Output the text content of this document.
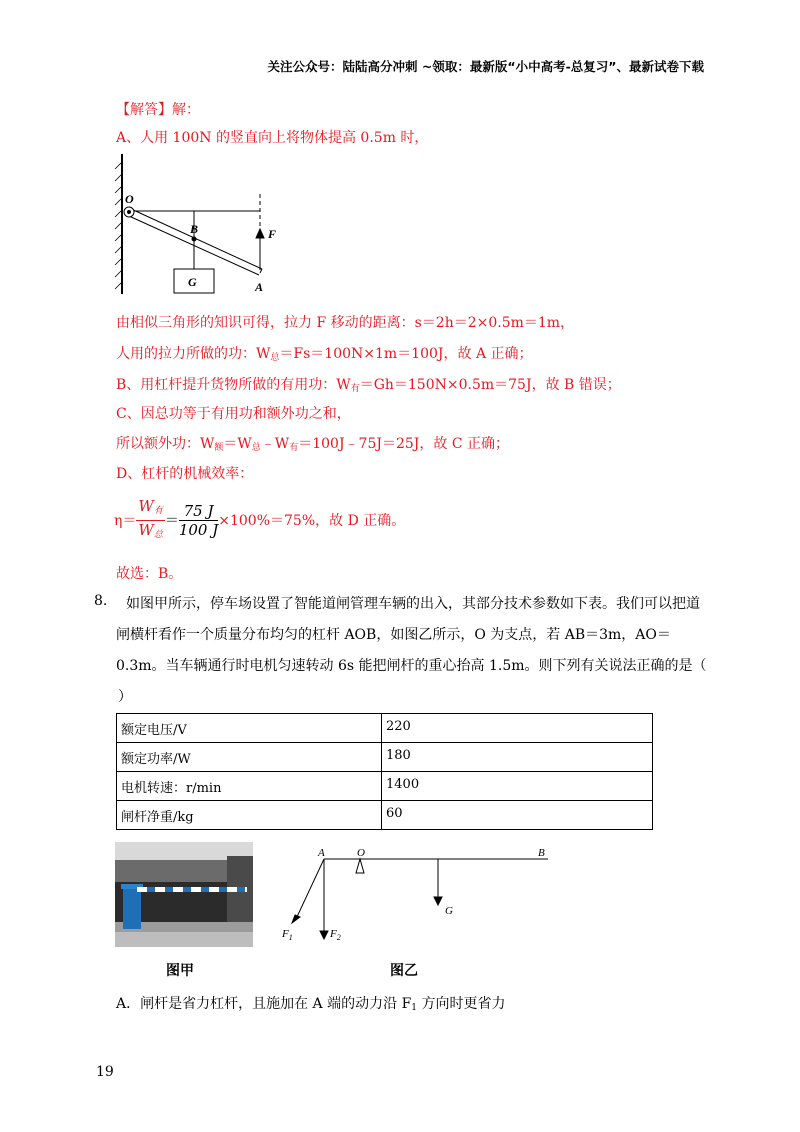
关注公众号：陆陆高分冲刺 ~领取：最新版“小中高考-总复习”、最新试卷下载
【解答】解：
A、人用 100N 的竖直向上将物体提高 0.5m 时，
O
B	F
G	A
由相似三角形的知识可得，拉力 F 移动的距离：s＝2h＝2×0.5m＝1m，
人用的拉力所做的功：$W_总=Fs=100N\times 1m=100J$，故 A 正确；
B、用杠杆提升货物所做的有用功：$W_有=Gh=150N\times 0.5m=75J$，故 B 错误；
C、因总功等于有用功和额外功之和，
所以额外功：$W_额=W_总﹣W_有=100J﹣75J=25J$，故 C 正确；
D、杠杆的机械效率：
$\eta= \frac{W_有}{W_总} = \frac{75 J}{100 J} \times 100\%=75\%$，故 D 正确。
故选：B。
8. 如图甲所示，停车场设置了智能道闸管理车辆的出入，其部分技术参数如下表。我们可以把道
闸横杆看作一个质量分布均匀的杠杆 AOB，如图乙所示，O 为支点，若 AB＝3m，AO＝
0.3m。当车辆通行时电机匀速转动 6s 能把闸杆的重心抬高 1.5m。则下列有关说法正确的是（
）
额定电压/V	220
额定功率/W	180
电机转速：r/min	1400
闸杆净重/kg	60
图甲
A	O	B
G
$F_1$	$F_2$
图乙
A．闸杆是省力杠杆，且施加在 A 端的动力沿 $F_1$ 方向时更省力
19
